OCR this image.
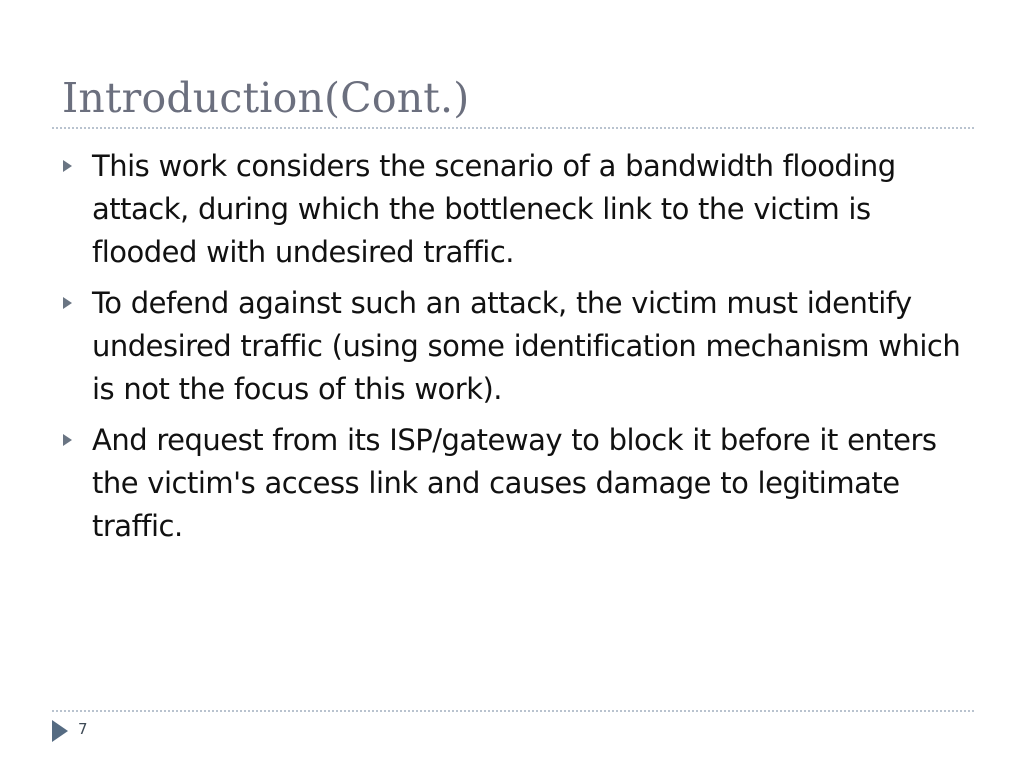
Introduction(Cont.)
This work considers the scenario of a bandwidth flooding attack, during which the bottleneck link to the victim is flooded with undesired traffic.
To defend against such an attack, the victim must identify undesired traffic (using some identification mechanism which is not the focus of this work).
And request from its ISP/gateway to block it before it enters the victim's access link and causes damage to legitimate traffic.
7
